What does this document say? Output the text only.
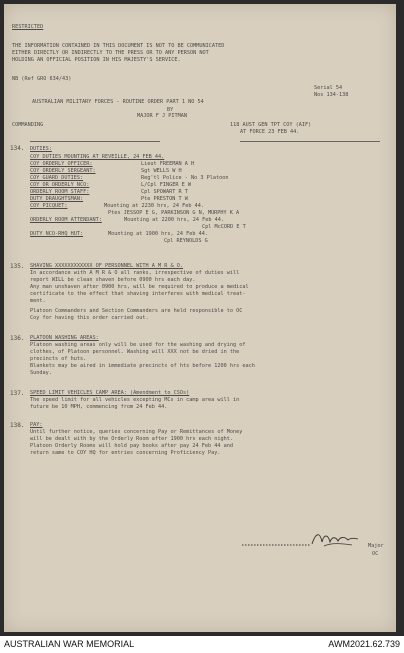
RESTRICTED
THE INFORMATION CONTAINED IN THIS DOCUMENT IS NOT TO BE COMMUNICATED
EITHER DIRECTLY OR INDIRECTLY TO THE PRESS OR TO ANY PERSON NOT
HOLDING AN OFFICIAL POSITION IN HIS MAJESTY'S SERVICE.
NB (Ref GRO 634/43)
Serial 54
Nos 134-138
AUSTRALIAN MILITARY FORCES - ROUTINE ORDER PART 1 NO 54
BY
MAJOR F J PITMAN
COMMANDING	118 AUST GEN TPT COY (AIF)
AT FORCE 23 FEB 44.
134. DUTIES:
COY DUTIES MOUNTING AT REVEILLE, 24 FEB 44.
COY ORDERLY OFFICER:	Lieut FREEMAN A H
COY ORDERLY SERGEANT:	Sgt WELLS W H
COY GUARD DUTIES:	Reg'tl Police - No 3 Platoon
COY OR ORDERLY NCO:	L/Cpl FINGER E W
ORDERLY ROOM STAFF:	Cpl SPOWART R T
DUTY DRAUGHTSMAN:	Pte PRESTON T W
COY PICQUET:	Mounting at 2230 hrs, 24 Feb 44.
Ptes JESSOP E G, PARKINSON G N, MURPHY K A
ORDERLY ROOM ATTENDANT:	Mounting at 2200 hrs, 24 Feb 44.
Cpl McCORD E T
DUTY NCO-RHQ HUT:	Mounting at 1900 hrs, 24 Feb 44.
Cpl REYNOLDS G
135. SHAVING XXXXXXXXXXXX OF PERSONNEL WITH A M R & O.
In accordance with A M R & O all ranks, irrespective of duties will
report WILL be clean shaven before 0900 hrs each day.
Any man unshaven after 0900 hrs, will be required to produce a medical
certificate to the effect that shaving interferes with medical treat-
ment.
Platoon Commanders and Section Commanders are held responsible to OC
Coy for having this order carried out.
136. PLATOON WASHING AREAS:
Platoon washing areas only will be used for the washing and drying of
clothes, of Platoon personnel. Washing will XXX not be dried in the
precincts of huts.
Blankets may be aired in immediate precincts of hts before 1200 hrs each
Sunday.
137. SPEED LIMIT VEHICLES CAMP AREA: (Amendment to CSOs)
The speed limit for all vehicles excepting MCs in camp area will in
future be 10 MPH, commencing from 24 Feb 44.
138. PAY:
Until further notice, queries concerning Pay or Remittances of Money
will be dealt with by the Orderly Room after 1900 hrs each night.
Platoon Orderly Rooms will hold pay books after pay 24 Feb 44 and
return same to COY HQ for entries concerning Proficiency Pay.
Major
OC
AUSTRALIAN WAR MEMORIAL	AWM2021.62.739
